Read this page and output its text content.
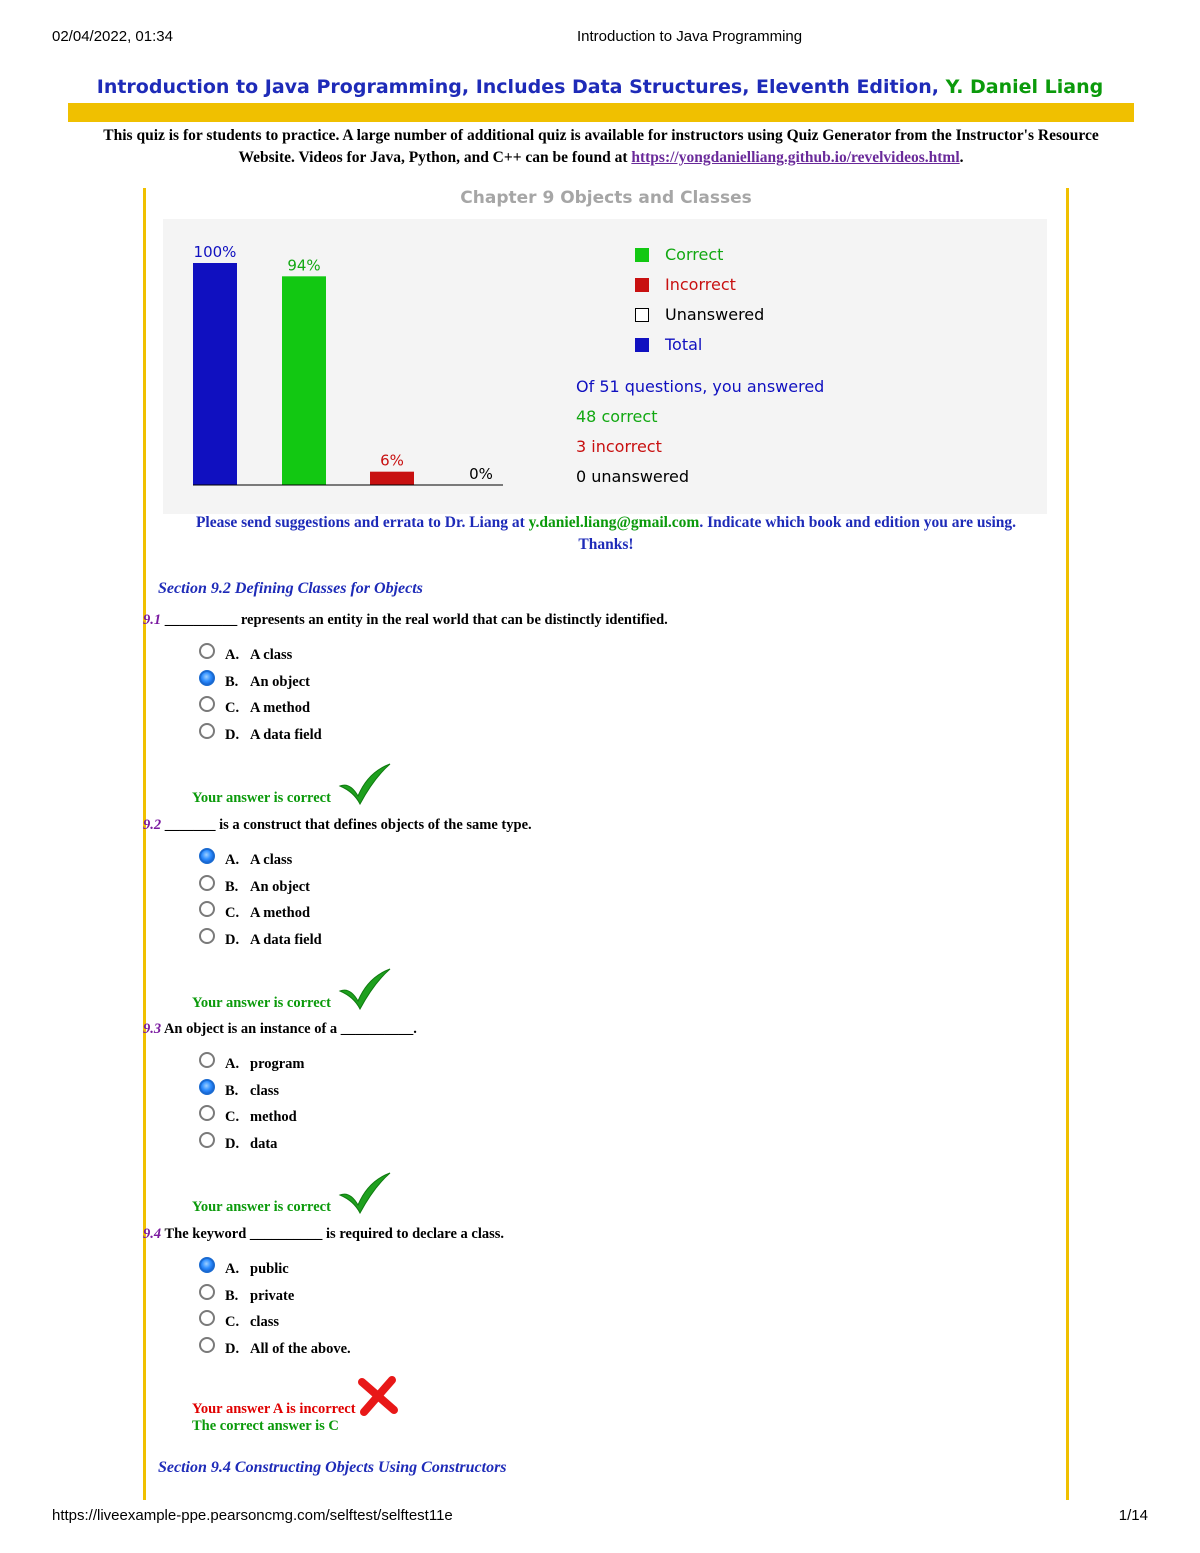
02/04/2022, 01:34	Introduction to Java Programming
Introduction to Java Programming, Includes Data Structures, Eleventh Edition, Y. Daniel Liang
This quiz is for students to practice. A large number of additional quiz is available for instructors using Quiz Generator from the Instructor's Resource
Website. Videos for Java, Python, and C++ can be found at https://yongdanielliang.github.io/revelvideos.html.
Chapter 9 Objects and Classes
100%
94%
6%
0%
Correct
Incorrect
Unanswered
Total
Of 51 questions, you answered
48 correct
3 incorrect
0 unanswered
Please send suggestions and errata to Dr. Liang at y.daniel.liang@gmail.com. Indicate which book and edition you are using.
Thanks!
Section 9.2 Defining Classes for Objects
9.1 __________ represents an entity in the real world that can be distinctly identified.
A. A class
B. An object
C. A method
D. A data field
Your answer is correct
9.2 _______ is a construct that defines objects of the same type.
A. A class
B. An object
C. A method
D. A data field
Your answer is correct
9.3 An object is an instance of a __________.
A. program
B. class
C. method
D. data
Your answer is correct
9.4 The keyword __________ is required to declare a class.
A. public
B. private
C. class
D. All of the above.
Your answer A is incorrect
The correct answer is C
Section 9.4 Constructing Objects Using Constructors
https://liveexample-ppe.pearsoncmg.com/selftest/selftest11e	1/14
